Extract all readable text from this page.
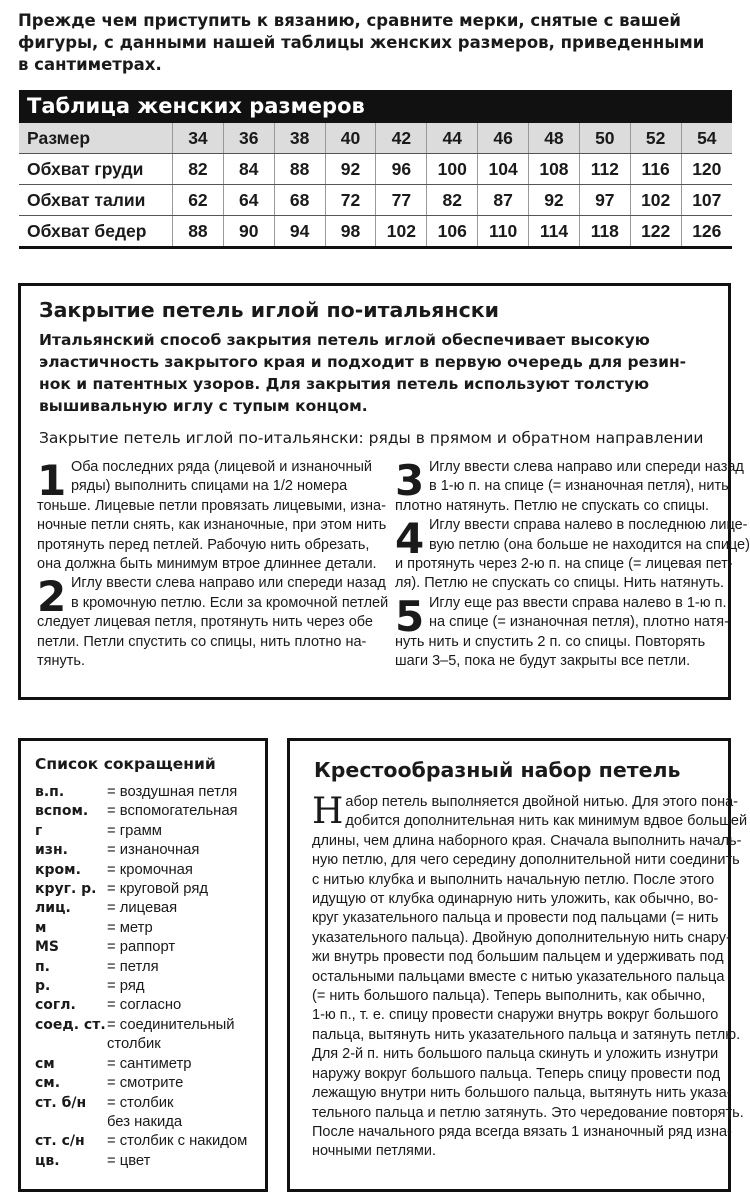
Прежде чем приступить к вязанию, сравните мерки, снятые с вашей
фигуры, с данными нашей таблицы женских размеров, приведенными
в сантиметрах.
Таблица женских размеров
Размер	34	36	38	40	42	44	46	48	50	52	54
Обхват груди	82	84	88	92	96	100	104	108	112	116	120
Обхват талии	62	64	68	72	77	82	87	92	97	102	107
Обхват бедер	88	90	94	98	102	106	110	114	118	122	126
Закрытие петель иглой по-итальянски
Итальянский способ закрытия петель иглой обеспечивает высокую
эластичность закрытого края и подходит в первую очередь для резин-
нок и патентных узоров. Для закрытия петель используют толстую
вышивальную иглу с тупым концом.
Закрытие петель иглой по-итальянски: ряды в прямом и обратном направлении
1 Оба последних ряда (лицевой и изнаночный
ряды) выполнить спицами на 1/2 номера
тоньше. Лицевые петли провязать лицевыми, изна-
ночные петли снять, как изнаночные, при этом нить
протянуть перед петлей. Рабочую нить обрезать,
она должна быть минимум втрое длиннее детали.
2 Иглу ввести слева направо или спереди назад
в кромочную петлю. Если за кромочной петлей
следует лицевая петля, протянуть нить через обе
петли. Петли спустить со спицы, нить плотно на-
тянуть.
3 Иглу ввести слева направо или спереди назад
в 1-ю п. на спице (= изнаночная петля), нить
плотно натянуть. Петлю не спускать со спицы.
4 Иглу ввести справа налево в последнюю лице-
вую петлю (она больше не находится на спице)
и протянуть через 2-ю п. на спице (= лицевая пет-
ля). Петлю не спускать со спицы. Нить натянуть.
5 Иглу еще раз ввести справа налево в 1-ю п.
на спице (= изнаночная петля), плотно натя-
нуть нить и спустить 2 п. со спицы. Повторять
шаги 3–5, пока не будут закрыты все петли.
Список сокращений
в.п.	= воздушная петля
вспом.	= вспомогательная
г	= грамм
изн.	= изнаночная
кром.	= кромочная
круг. р. = круговой ряд
лиц.	= лицевая
м	= метр
MS	= раппорт
п.	= петля
р.	= ряд
согл.	= согласно
соед. ст. = соединительный
столбик
см	= сантиметр
см.	= смотрите
ст. б/н	= столбик
без накида
ст. с/н	= столбик с накидом
цв.	= цвет
Крестообразный набор петель
Н абор петель выполняется двойной нитью. Для этого пона-
добится дополнительная нить как минимум вдвое большей
длины, чем длина наборного края. Сначала выполнить началь-
ную петлю, для чего середину дополнительной нити соединить
с нитью клубка и выполнить начальную петлю. После этого
идущую от клубка одинарную нить уложить, как обычно, во-
круг указательного пальца и провести под пальцами (= нить
указательного пальца). Двойную дополнительную нить снару-
жи внутрь провести под большим пальцем и удерживать под
остальными пальцами вместе с нитью указательного пальца
(= нить большого пальца). Теперь выполнить, как обычно,
1-ю п., т. е. спицу провести снаружи внутрь вокруг большого
пальца, вытянуть нить указательного пальца и затянуть петлю.
Для 2-й п. нить большого пальца скинуть и уложить изнутри
наружу вокруг большого пальца. Теперь спицу провести под
лежащую внутри нить большого пальца, вытянуть нить указа-
тельного пальца и петлю затянуть. Это чередование повторять.
После начального ряда всегда вязать 1 изнаночный ряд изна-
ночными петлями.
